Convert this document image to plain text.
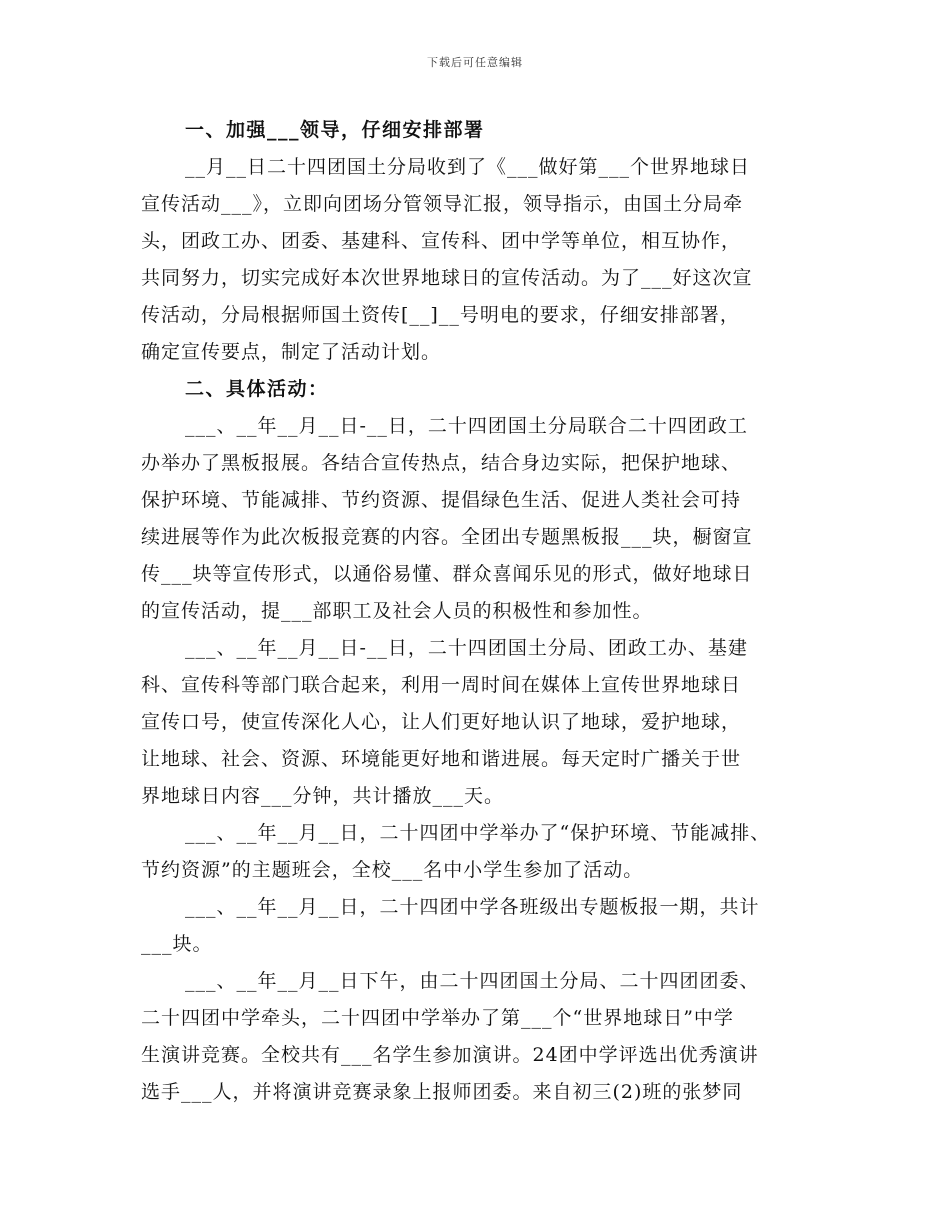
下载后可任意编辑
一、加强___领导，仔细安排部署
__月__日二十四团国土分局收到了《___做好第___个世界地球日
宣传活动___》，立即向团场分管领导汇报，领导指示，由国土分局牵
头，团政工办、团委、基建科、宣传科、团中学等单位，相互协作，
共同努力，切实完成好本次世界地球日的宣传活动。为了___好这次宣
传活动，分局根据师国土资传[__]__号明电的要求，仔细安排部署，
确定宣传要点，制定了活动计划。
二、具体活动：
___、__年__月__日-__日，二十四团国土分局联合二十四团政工
办举办了黑板报展。各结合宣传热点，结合身边实际，把保护地球、
保护环境、节能减排、节约资源、提倡绿色生活、促进人类社会可持
续进展等作为此次板报竞赛的内容。全团出专题黑板报___块，橱窗宣
传___块等宣传形式，以通俗易懂、群众喜闻乐见的形式，做好地球日
的宣传活动，提___部职工及社会人员的积极性和参加性。
___、__年__月__日-__日，二十四团国土分局、团政工办、基建
科、宣传科等部门联合起来，利用一周时间在媒体上宣传世界地球日
宣传口号，使宣传深化人心，让人们更好地认识了地球，爱护地球，
让地球、社会、资源、环境能更好地和谐进展。每天定时广播关于世
界地球日内容___分钟，共计播放___天。
___、__年__月__日，二十四团中学举办了“保护环境、节能减排、
节约资源”的主题班会，全校___名中小学生参加了活动。
___、__年__月__日，二十四团中学各班级出专题板报一期，共计
___块。
___、__年__月__日下午，由二十四团国土分局、二十四团团委、
二十四团中学牵头，二十四团中学举办了第___个“世界地球日”中学
生演讲竞赛。全校共有___名学生参加演讲。24团中学评选出优秀演讲
选手___人，并将演讲竞赛录象上报师团委。来自初三(2)班的张梦同
